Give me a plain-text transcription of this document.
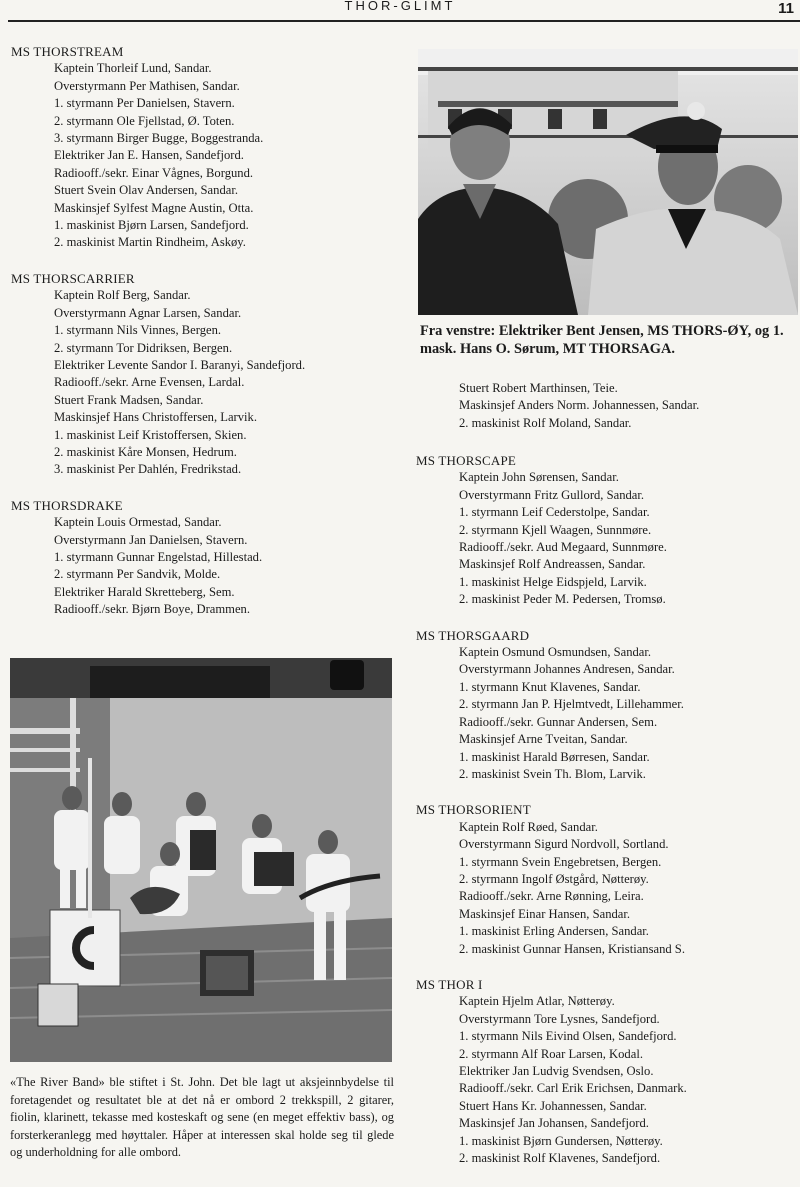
THOR-GLIMT	11
MS THORSTREAM
Kaptein Thorleif Lund, Sandar.
Overstyrmann Per Mathisen, Sandar.
1. styrmann Per Danielsen, Stavern.
2. styrmann Ole Fjellstad, Ø. Toten.
3. styrmann Birger Bugge, Boggestranda.
Elektriker Jan E. Hansen, Sandefjord.
Radiooff./sekr. Einar Vågnes, Borgund.
Stuert Svein Olav Andersen, Sandar.
Maskinsjef Sylfest Magne Austin, Otta.
1. maskinist Bjørn Larsen, Sandefjord.
2. maskinist Martin Rindheim, Askøy.
MS THORSCARRIER
Kaptein Rolf Berg, Sandar.
Overstyrmann Agnar Larsen, Sandar.
1. styrmann Nils Vinnes, Bergen.
2. styrmann Tor Didriksen, Bergen.
Elektriker Levente Sandor I. Baranyi, Sandefjord.
Radiooff./sekr. Arne Evensen, Lardal.
Stuert Frank Madsen, Sandar.
Maskinsjef Hans Christoffersen, Larvik.
1. maskinist Leif Kristoffersen, Skien.
2. maskinist Kåre Monsen, Hedrum.
3. maskinist Per Dahlén, Fredrikstad.
MS THORSDRAKE
Kaptein Louis Ormestad, Sandar.
Overstyrmann Jan Danielsen, Stavern.
1. styrmann Gunnar Engelstad, Hillestad.
2. styrmann Per Sandvik, Molde.
Elektriker Harald Skretteberg, Sem.
Radiooff./sekr. Bjørn Boye, Drammen.
Fra venstre: Elektriker Bent Jensen, MS THORS-ØY, og 1. mask. Hans O. Sørum, MT THORSAGA.
Stuert Robert Marthinsen, Teie.
Maskinsjef Anders Norm. Johannessen, Sandar.
2. maskinist Rolf Moland, Sandar.
MS THORSCAPE
Kaptein John Sørensen, Sandar.
Overstyrmann Fritz Gullord, Sandar.
1. styrmann Leif Cederstolpe, Sandar.
2. styrmann Kjell Waagen, Sunnmøre.
Radiooff./sekr. Aud Megaard, Sunnmøre.
Maskinsjef Rolf Andreassen, Sandar.
1. maskinist Helge Eidspjeld, Larvik.
2. maskinist Peder M. Pedersen, Tromsø.
MS THORSGAARD
Kaptein Osmund Osmundsen, Sandar.
Overstyrmann Johannes Andresen, Sandar.
1. styrmann Knut Klavenes, Sandar.
2. styrmann Jan P. Hjelmtvedt, Lillehammer.
Radiooff./sekr. Gunnar Andersen, Sem.
Maskinsjef Arne Tveitan, Sandar.
1. maskinist Harald Børresen, Sandar.
2. maskinist Svein Th. Blom, Larvik.
MS THORSORIENT
Kaptein Rolf Røed, Sandar.
Overstyrmann Sigurd Nordvoll, Sortland.
1. styrmann Svein Engebretsen, Bergen.
2. styrmann Ingolf Østgård, Nøtterøy.
Radiooff./sekr. Arne Rønning, Leira.
Maskinsjef Einar Hansen, Sandar.
1. maskinist Erling Andersen, Sandar.
2. maskinist Gunnar Hansen, Kristiansand S.
MS THOR I
Kaptein Hjelm Atlar, Nøtterøy.
Overstyrmann Tore Lysnes, Sandefjord.
1. styrmann Nils Eivind Olsen, Sandefjord.
2. styrmann Alf Roar Larsen, Kodal.
Elektriker Jan Ludvig Svendsen, Oslo.
Radiooff./sekr. Carl Erik Erichsen, Danmark.
Stuert Hans Kr. Johannessen, Sandar.
Maskinsjef Jan Johansen, Sandefjord.
1. maskinist Bjørn Gundersen, Nøtterøy.
2. maskinist Rolf Klavenes, Sandefjord.
«The River Band» ble stiftet i St. John. Det ble lagt ut aksjeinnbydelse til foretagendet og resultatet ble at det nå er ombord 2 trekkspill, 2 gitarer, fiolin, klarinett, tekasse med kosteskaft og sene (en meget effektiv bass), og forsterkeranlegg med høyttaler. Håper at interessen skal holde seg til glede og underholdning for alle ombord.
